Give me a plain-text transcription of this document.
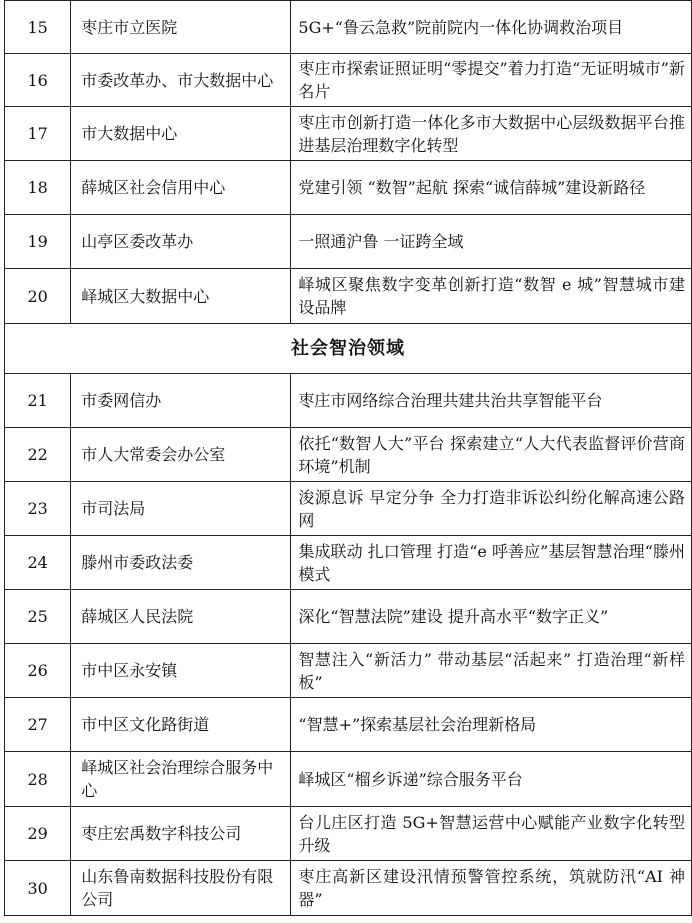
15	枣庄市立医院	5G+“鲁云急救”院前院内一体化协调救治项目
16	市委改革办、市大数据中心	枣庄市探索证照证明“零提交”着力打造“无证明城市”新名片
17	市大数据中心	枣庄市创新打造一体化多市大数据中心层级数据平台推进基层治理数字化转型
18	薛城区社会信用中心	党建引领 “数智”起航 探索“诚信薛城”建设新路径
19	山亭区委改革办	一照通沪鲁 一证跨全域
20	峄城区大数据中心	峄城区聚焦数字变革创新打造“数智 e 城”智慧城市建设品牌
社会智治领域		
21	市委网信办	枣庄市网络综合治理共建共治共享智能平台
22	市人大常委会办公室	依托“数智人大”平台 探索建立“人大代表监督评价营商环境”机制
23	市司法局	浚源息诉 早定分争 全力打造非诉讼纠纷化解高速公路网
24	滕州市委政法委	集成联动 扎口管理 打造“e 呼善应”基层智慧治理“滕州模式
25	薛城区人民法院	深化“智慧法院”建设 提升高水平“数字正义”
26	市中区永安镇	智慧注入“新活力” 带动基层“活起来” 打造治理“新样板”
27	市中区文化路街道	“智慧+”探索基层社会治理新格局
28	峄城区社会治理综合服务中心	峄城区“榴乡诉递”综合服务平台
29	枣庄宏禹数字科技公司	台儿庄区打造 5G+智慧运营中心赋能产业数字化转型升级
30	山东鲁南数据科技股份有限公司	枣庄高新区建设汛情预警管控系统，筑就防汛“AI 神器”
